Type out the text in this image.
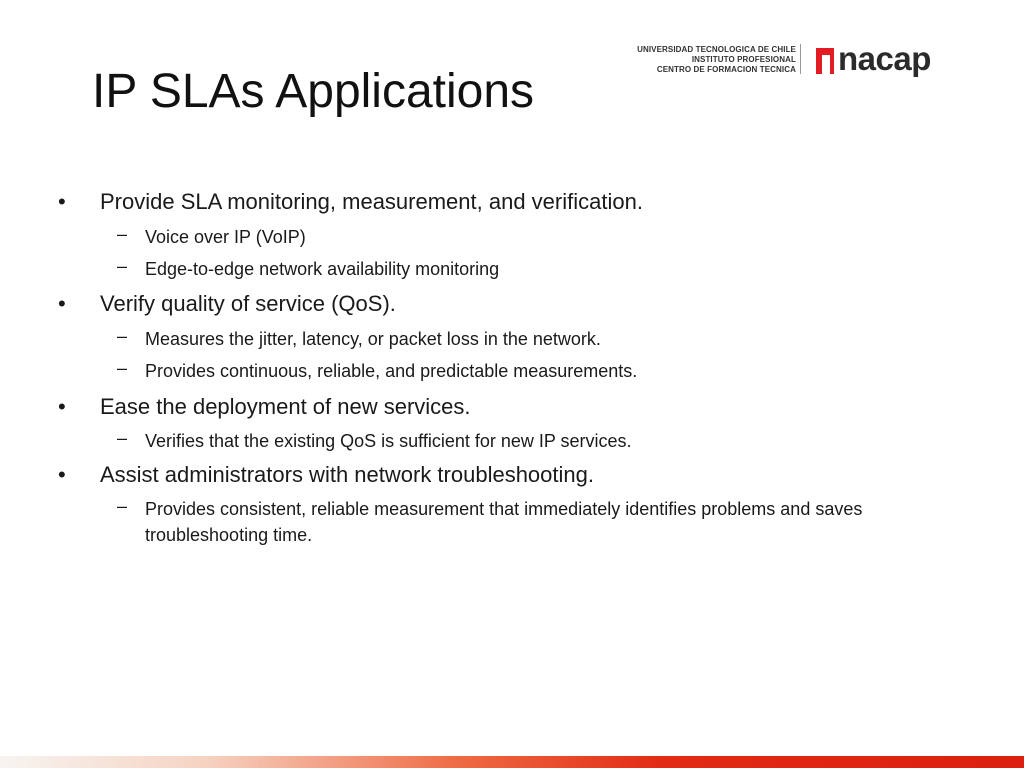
IP SLAs Applications
UNIVERSIDAD TECNOLOGICA DE CHILE
INSTITUTO PROFESIONAL
CENTRO DE FORMACION TECNICA nacap
• Provide SLA monitoring, measurement, and verification.
– Voice over IP (VoIP)
– Edge-to-edge network availability monitoring
• Verify quality of service (QoS).
– Measures the jitter, latency, or packet loss in the network.
– Provides continuous, reliable, and predictable measurements.
• Ease the deployment of new services.
– Verifies that the existing QoS is sufficient for new IP services.
• Assist administrators with network troubleshooting.
– Provides consistent, reliable measurement that immediately identifies problems and saves troubleshooting time.
